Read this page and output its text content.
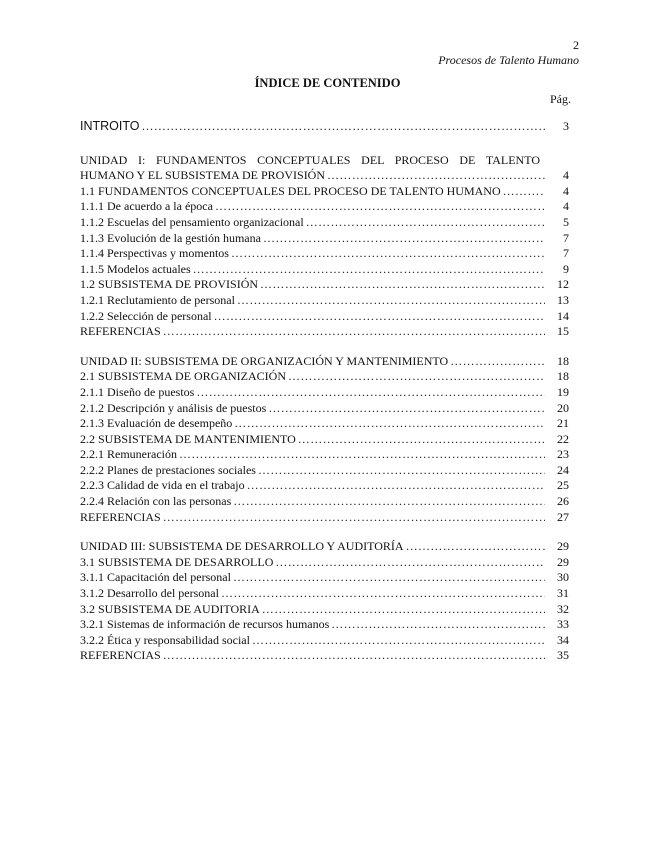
2
Procesos de Talento Humano
ÍNDICE DE CONTENIDO
Pág.
INTROITO ………………………………………………………………………………………………………………………………………………………………………………………	3
UNIDAD I: FUNDAMENTOS CONCEPTUALES DEL PROCESO DE TALENTO
HUMANO Y EL SUBSISTEMA DE PROVISIÓN ………………………………………………………………………………………………………………………………………………………………………………………	4
1.1 FUNDAMENTOS CONCEPTUALES DEL PROCESO DE TALENTO HUMANO ………………………………………………………………………………………………………………………………………………………………………………………	4
1.1.1 De acuerdo a la época ………………………………………………………………………………………………………………………………………………………………………………………	4
1.1.2 Escuelas del pensamiento organizacional ………………………………………………………………………………………………………………………………………………………………………………………	5
1.1.3 Evolución de la gestión humana ………………………………………………………………………………………………………………………………………………………………………………………	7
1.1.4 Perspectivas y momentos ………………………………………………………………………………………………………………………………………………………………………………………	7
1.1.5 Modelos actuales ………………………………………………………………………………………………………………………………………………………………………………………	9
1.2 SUBSISTEMA DE PROVISIÓN ………………………………………………………………………………………………………………………………………………………………………………………	12
1.2.1 Reclutamiento de personal ………………………………………………………………………………………………………………………………………………………………………………………	13
1.2.2 Selección de personal ………………………………………………………………………………………………………………………………………………………………………………………	14
REFERENCIAS ………………………………………………………………………………………………………………………………………………………………………………………	15
UNIDAD II: SUBSISTEMA DE ORGANIZACIÓN Y MANTENIMIENTO ………………………………………………………………………………………………………………………………………………………………………………………	18
2.1 SUBSISTEMA DE ORGANIZACIÓN ………………………………………………………………………………………………………………………………………………………………………………………	18
2.1.1 Diseño de puestos ………………………………………………………………………………………………………………………………………………………………………………………	19
2.1.2 Descripción y análisis de puestos ………………………………………………………………………………………………………………………………………………………………………………………	20
2.1.3 Evaluación de desempeño ………………………………………………………………………………………………………………………………………………………………………………………	21
2.2 SUBSISTEMA DE MANTENIMIENTO ………………………………………………………………………………………………………………………………………………………………………………………	22
2.2.1 Remuneración ………………………………………………………………………………………………………………………………………………………………………………………	23
2.2.2 Planes de prestaciones sociales ………………………………………………………………………………………………………………………………………………………………………………………	24
2.2.3 Calidad de vida en el trabajo ………………………………………………………………………………………………………………………………………………………………………………………	25
2.2.4 Relación con las personas ………………………………………………………………………………………………………………………………………………………………………………………	26
REFERENCIAS ………………………………………………………………………………………………………………………………………………………………………………………	27
UNIDAD III: SUBSISTEMA DE DESARROLLO Y AUDITORÍA ………………………………………………………………………………………………………………………………………………………………………………………	29
3.1 SUBSISTEMA DE DESARROLLO ………………………………………………………………………………………………………………………………………………………………………………………	29
3.1.1 Capacitación del personal ………………………………………………………………………………………………………………………………………………………………………………………	30
3.1.2 Desarrollo del personal ………………………………………………………………………………………………………………………………………………………………………………………	31
3.2 SUBSISTEMA DE AUDITORIA ………………………………………………………………………………………………………………………………………………………………………………………	32
3.2.1 Sistemas de información de recursos humanos ………………………………………………………………………………………………………………………………………………………………………………………	33
3.2.2 Ética y responsabilidad social ………………………………………………………………………………………………………………………………………………………………………………………	34
REFERENCIAS ………………………………………………………………………………………………………………………………………………………………………………………	35
